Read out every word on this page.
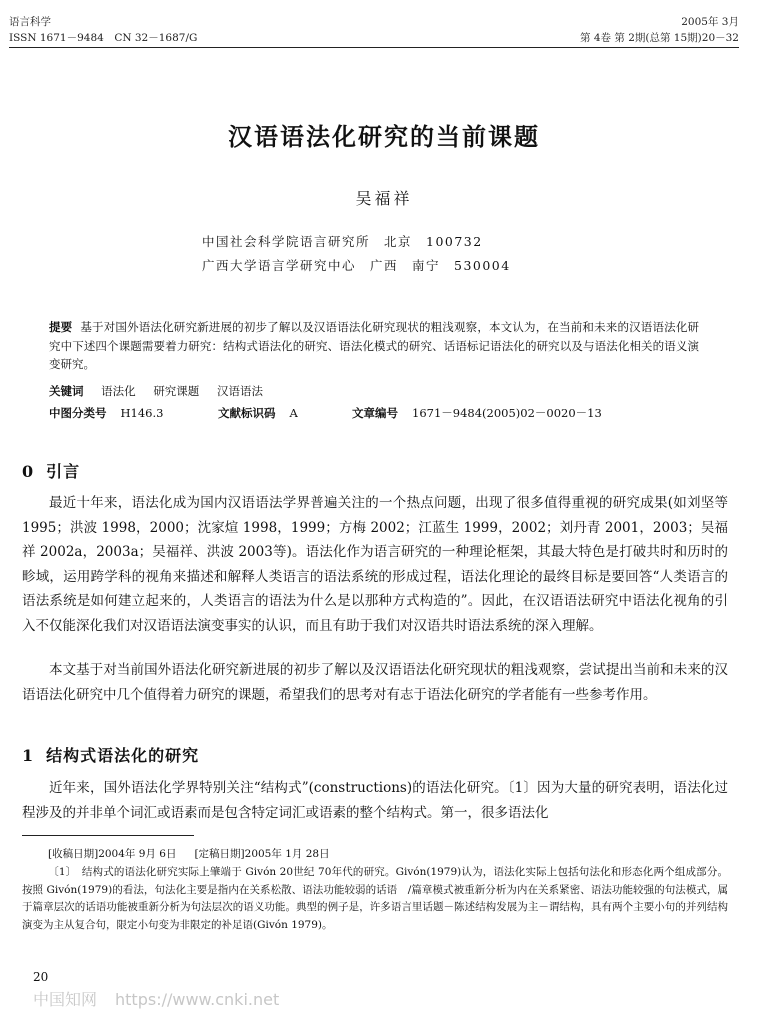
语言科学
ISSN 1671－9484　CN 32－1687/G
2005年 3月
第 4卷 第 2期(总第 15期)20－32
汉语语法化研究的当前课题
吴福祥
中国社会科学院语言研究所　北京　100732
广西大学语言学研究中心　广西　南宁　530004
提要 基于对国外语法化研究新进展的初步了解以及汉语语法化研究现状的粗浅观察，本文认为，在当前和未来的汉语语法化研究中下述四个课题需要着力研究：结构式语法化的研究、语法化模式的研究、话语标记语法化的研究以及与语法化相关的语义演变研究。
关键词 语法化 研究课题 汉语语法
中图分类号 H146.3	文献标识码 A	文章编号 1671－9484(2005)02－0020－13
0 引言

最近十年来，语法化成为国内汉语语法学界普遍关注的一个热点问题，出现了很多值得重视的研究成果(如刘坚等 1995；洪波 1998，2000；沈家煊 1998，1999；方梅 2002；江蓝生 1999，2002；刘丹青 2001，2003；吴福祥 2002a，2003a；吴福祥、洪波 2003等)。语法化作为语言研究的一种理论框架，其最大特色是打破共时和历时的畛域，运用跨学科的视角来描述和解释人类语言的语法系统的形成过程，语法化理论的最终目标是要回答“人类语言的语法系统是如何建立起来的，人类语言的语法为什么是以那种方式构造的”。因此，在汉语语法研究中语法化视角的引入不仅能深化我们对汉语语法演变事实的认识，而且有助于我们对汉语共时语法系统的深入理解。

本文基于对当前国外语法化研究新进展的初步了解以及汉语语法化研究现状的粗浅观察，尝试提出当前和未来的汉语语法化研究中几个值得着力研究的课题，希望我们的思考对有志于语法化研究的学者能有一些参考作用。

1 结构式语法化的研究

近年来，国外语法化学界特别关注“结构式”(constructions)的语法化研究。〔1〕因为大量的研究表明，语法化过程涉及的并非单个词汇或语素而是包含特定词汇或语素的整个结构式。第一，很多语法化

[收稿日期]2004年 9月 6日 [定稿日期]2005年 1月 28日

〔1〕　结构式的语法化研究实际上肇端于 Givón 20世纪 70年代的研究。Givón(1979)认为，语法化实际上包括句法化和形态化两个组成部分。按照 Givón(1979)的看法，句法化主要是指内在关系松散、语法功能较弱的话语　/篇章模式被重新分析为内在关系紧密、语法功能较强的句法模式，属于篇章层次的话语功能被重新分析为句法层次的语义功能。典型的例子是，许多语言里话题－陈述结构发展为主－谓结构，具有两个主要小句的并列结构演变为主从复合句，限定小句变为非限定的补足语(Givón 1979)。

20
中国知网 https://www.cnki.net
